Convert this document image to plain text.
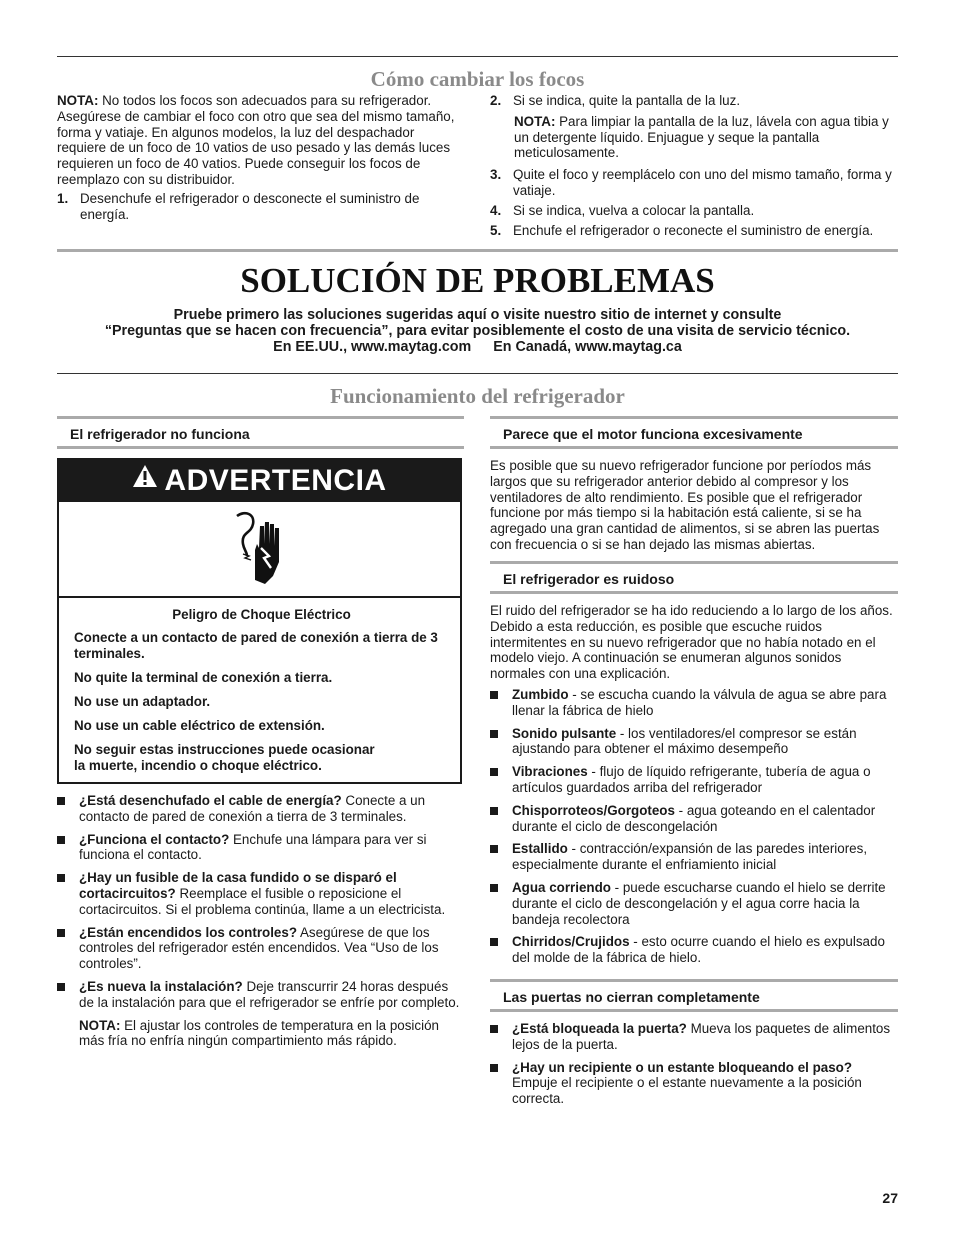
Cómo cambiar los focos

NOTA: No todos los focos son adecuados para su refrigerador. Asegúrese de cambiar el foco con otro que sea del mismo tamaño, forma y vatiaje. En algunos modelos, la luz del despachador requiere de un foco de 10 vatios de uso pesado y las demás luces requieren un foco de 40 vatios. Puede conseguir los focos de reemplazo con su distribuidor.

1. Desenchufe el refrigerador o desconecte el suministro de energía.
2. Si se indica, quite la pantalla de la luz.

NOTA: Para limpiar la pantalla de la luz, lávela con agua tibia y un detergente líquido. Enjuague y seque la pantalla meticulosamente.

3. Quite el foco y reemplácelo con uno del mismo tamaño, forma y vatiaje.
4. Si se indica, vuelva a colocar la pantalla.
5. Enchufe el refrigerador o reconecte el suministro de energía.
SOLUCIÓN DE PROBLEMAS

Pruebe primero las soluciones sugeridas aquí o visite nuestro sitio de internet y consulte

“Preguntas que se hacen con frecuencia”, para evitar posiblemente el costo de una visita de servicio técnico.

En EE.UU., www.maytag.com En Canadá, www.maytag.ca

Funcionamiento del refrigerador
El refrigerador no funciona
ADVERTENCIA

Peligro de Choque Eléctrico

Conecte a un contacto de pared de conexión a tierra de 3 terminales.

No quite la terminal de conexión a tierra.

No use un adaptador.

No use un cable eléctrico de extensión.

No seguir estas instrucciones puede ocasionar la muerte, incendio o choque eléctrico.

¿Está desenchufado el cable de energía? Conecte a un contacto de pared de conexión a tierra de 3 terminales.
¿Funciona el contacto? Enchufe una lámpara para ver si funciona el contacto.
¿Hay un fusible de la casa fundido o se disparó el cortacircuitos? Reemplace el fusible o reposicione el cortacircuitos. Si el problema continúa, llame a un electricista.
¿Están encendidos los controles? Asegúrese de que los controles del refrigerador estén encendidos. Vea “Uso de los controles”.
¿Es nueva la instalación? Deje transcurrir 24 horas después de la instalación para que el refrigerador se enfríe por completo.

NOTA: El ajustar los controles de temperatura en la posición más fría no enfría ningún compartimiento más rápido.

Parece que el motor funciona excesivamente

Es posible que su nuevo refrigerador funcione por períodos más largos que su refrigerador anterior debido al compresor y los ventiladores de alto rendimiento. Es posible que el refrigerador funcione por más tiempo si la habitación está caliente, si se ha agregado una gran cantidad de alimentos, si se abren las puertas con frecuencia o si se han dejado las mismas abiertas.

El refrigerador es ruidoso

El ruido del refrigerador se ha ido reduciendo a lo largo de los años. Debido a esta reducción, es posible que escuche ruidos intermitentes en su nuevo refrigerador que no había notado en el modelo viejo. A continuación se enumeran algunos sonidos normales con una explicación.

Zumbido - se escucha cuando la válvula de agua se abre para llenar la fábrica de hielo
Sonido pulsante - los ventiladores/el compresor se están ajustando para obtener el máximo desempeño
Vibraciones - flujo de líquido refrigerante, tubería de agua o artículos guardados arriba del refrigerador
Chisporroteos/Gorgoteos - agua goteando en el calentador durante el ciclo de descongelación
Estallido - contracción/expansión de las paredes interiores, especialmente durante el enfriamiento inicial
Agua corriendo - puede escucharse cuando el hielo se derrite durante el ciclo de descongelación y el agua corre hacia la bandeja recolectora
Chirridos/Crujidos - esto ocurre cuando el hielo es expulsado del molde de la fábrica de hielo.
Las puertas no cierran completamente
¿Está bloqueada la puerta? Mueva los paquetes de alimentos lejos de la puerta.
¿Hay un recipiente o un estante bloqueando el paso? Empuje el recipiente o el estante nuevamente a la posición correcta.
27
